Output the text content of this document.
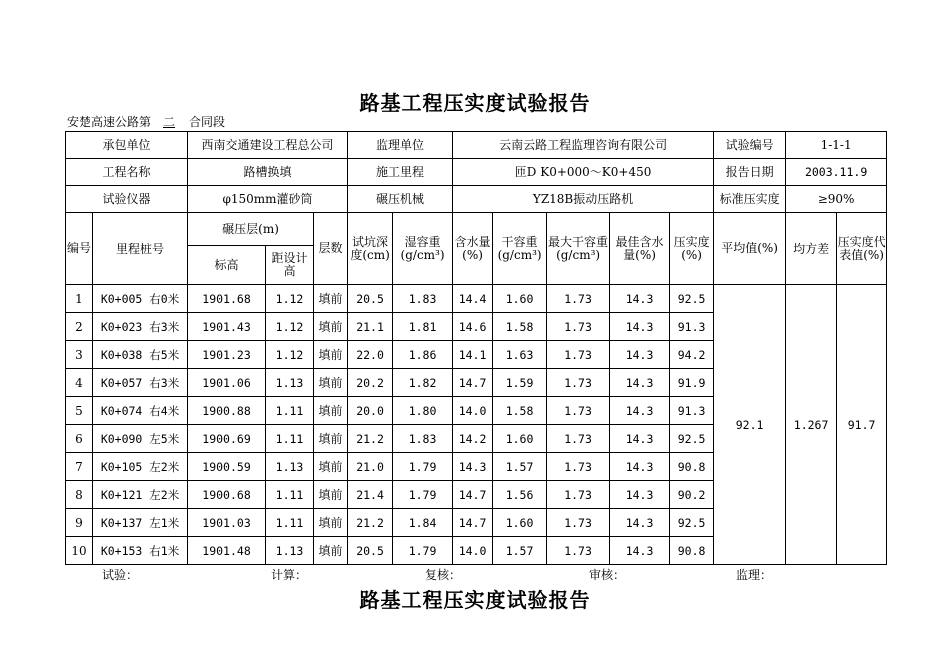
路基工程压实度试验报告
安楚高速公路第 二 合同段
承包单位		西南交通建设工程总公司			监理单位		云南云路工程监理咨询有限公司					试验编号	1-1-1	
工程名称		路槽换填			施工里程		匝D K0+000～K0+450					报告日期	2003.11.9	
试验仪器		φ150mm灌砂筒			碾压机械		YZ18B振动压路机					标准压实度	≥90%	
编号	里程桩号	碾压层(m)		层数	试坑深度(cm)	湿容重(g/cm³)	含水量(%)	干容重(g/cm³)	最大干容重(g/cm³)	最佳含水量(%)	压实度(%)	平均值(%)	均方差	压实度代表值(%)
		标高	距设计高											
1	K0+005 右0米	1901.68	1.12	填前	20.5	1.83	14.4	1.60	1.73	14.3	92.5	92.1	1.267	91.7
2	K0+023 右3米	1901.43	1.12	填前	21.1	1.81	14.6	1.58	1.73	14.3	91.3			
3	K0+038 右5米	1901.23	1.12	填前	22.0	1.86	14.1	1.63	1.73	14.3	94.2			
4	K0+057 右3米	1901.06	1.13	填前	20.2	1.82	14.7	1.59	1.73	14.3	91.9			
5	K0+074 右4米	1900.88	1.11	填前	20.0	1.80	14.0	1.58	1.73	14.3	91.3			
6	K0+090 左5米	1900.69	1.11	填前	21.2	1.83	14.2	1.60	1.73	14.3	92.5			
7	K0+105 左2米	1900.59	1.13	填前	21.0	1.79	14.3	1.57	1.73	14.3	90.8			
8	K0+121 左2米	1900.68	1.11	填前	21.4	1.79	14.7	1.56	1.73	14.3	90.2			
9	K0+137 左1米	1901.03	1.11	填前	21.2	1.84	14.7	1.60	1.73	14.3	92.5			
10	K0+153 右1米	1901.48	1.13	填前	20.5	1.79	14.0	1.57	1.73	14.3	90.8			
试验：	计算：	复核：	审核：	监理：
路基工程压实度试验报告
